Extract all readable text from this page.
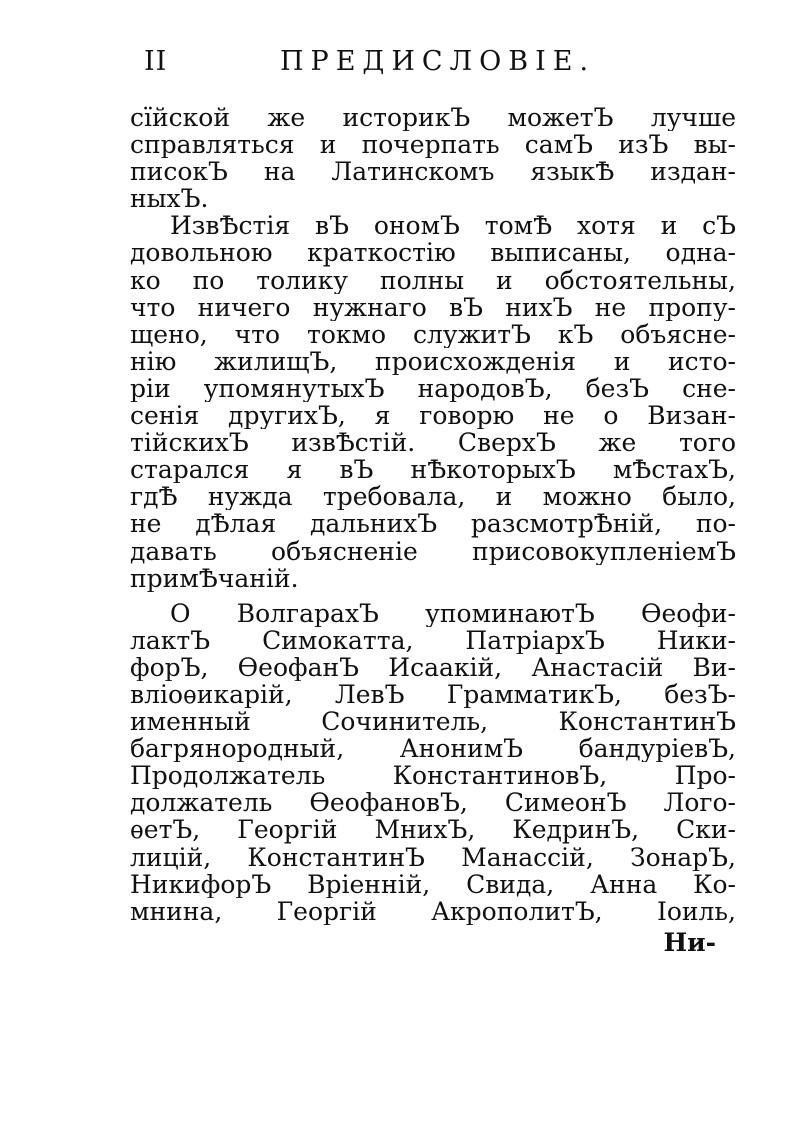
II	ПРЕДИСЛОВІЕ.
сїйской же историкЪ можетЪ лучше
справляться и почерпать самЪ изЪ вы-
писокЪ на Латинскомъ языкѢ издан-
ныхЪ.
ИзвѢстія вЪ ономЪ томѢ хотя и сЪ
довольною краткостію выписаны, одна-
ко по толику полны и обстоятельны,
что ничего нужнаго вЪ нихЪ не пропу-
щено, что токмо служитЪ кЪ объясне-
нію жилищЪ, происхожденія и исто-
ріи упомянутыхЪ народовЪ, безЪ сне-
сенія другихЪ, я говорю не о Визан-
тійскихЪ извѢстій. СверхЪ же того
старался я вЪ нѢкоторыхЪ мѢстахЪ,
гдѢ нужда требовала, и можно было,
не дѢлая дальнихЪ разсмотрѢній, по-
давать объясненіе присовокупленіемЪ
примѢчаній.
О ВолгарахЪ упоминаютЪ Ѳеофи-
лактЪ Симокатта, ПатріархЪ Ники-
форЪ, ѲеофанЪ Исаакій, Анастасій Ви-
вліоѳикарій, ЛевЪ ГрамматикЪ, безЪ-
именный Сочинитель, КонстантинЪ
багрянородный, АнонимЪ бандуріевЪ,
Продолжатель КонстантиновЪ, Про-
должатель ѲеофановЪ, СимеонЪ Лого-
ѳетЪ, Георгій МнихЪ, КедринЪ, Ски-
лицій, КонстантинЪ Манассій, ЗонарЪ,
НикифорЪ Вріенній, Свида, Анна Ко-
мнина, Георгій АкрополитЪ, Іоиль,
Ни-
